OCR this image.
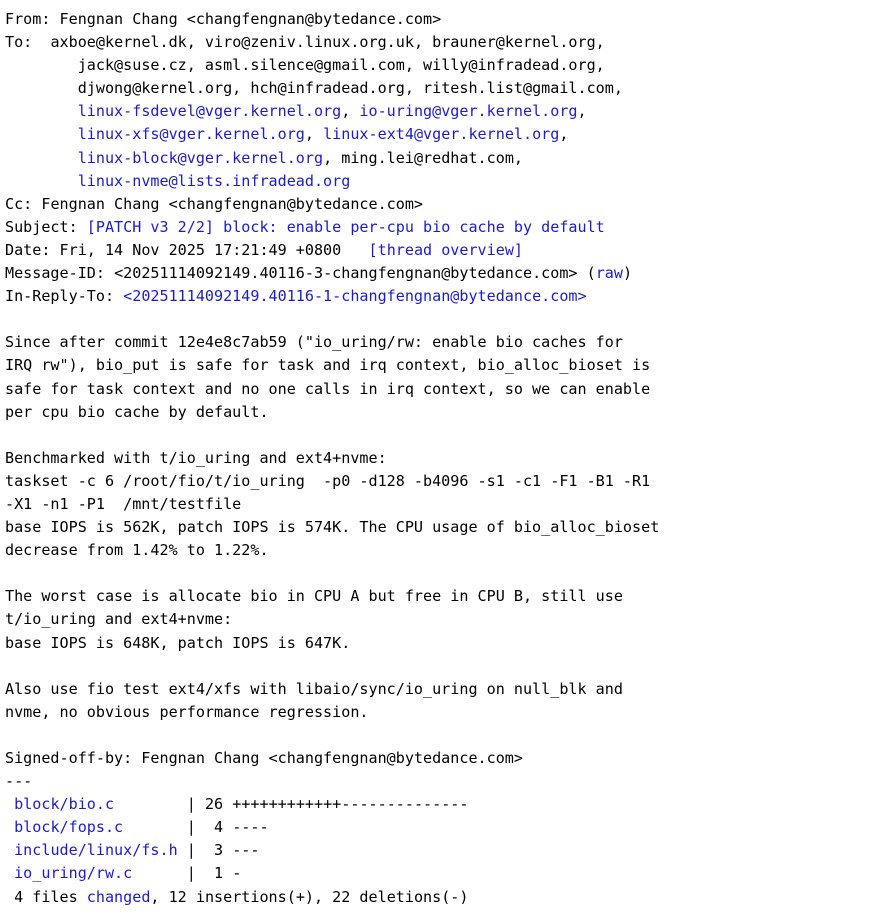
From: Fengnan Chang <changfengnan@bytedance.com>
To: axboe@kernel.dk, viro@zeniv.linux.org.uk, brauner@kernel.org,
jack@suse.cz, asml.silence@gmail.com, willy@infradead.org,
djwong@kernel.org, hch@infradead.org, ritesh.list@gmail.com,
linux-fsdevel@vger.kernel.org, io-uring@vger.kernel.org,
linux-xfs@vger.kernel.org, linux-ext4@vger.kernel.org,
linux-block@vger.kernel.org, ming.lei@redhat.com,
linux-nvme@lists.infradead.org
Cc: Fengnan Chang <changfengnan@bytedance.com>
Subject: [PATCH v3 2/2] block: enable per-cpu bio cache by default
Date: Fri, 14 Nov 2025 17:21:49 +0800 [thread overview]
Message-ID: <20251114092149.40116-3-changfengnan@bytedance.com> (raw)
In-Reply-To: <20251114092149.40116-1-changfengnan@bytedance.com>
Since after commit 12e4e8c7ab59 ("io_uring/rw: enable bio caches for
IRQ rw"), bio_put is safe for task and irq context, bio_alloc_bioset is
safe for task context and no one calls in irq context, so we can enable
per cpu bio cache by default.
Benchmarked with t/io_uring and ext4+nvme:
taskset -c 6 /root/fio/t/io_uring  -p0 -d128 -b4096 -s1 -c1 -F1 -B1 -R1
-X1 -n1 -P1  /mnt/testfile
base IOPS is 562K, patch IOPS is 574K. The CPU usage of bio_alloc_bioset
decrease from 1.42% to 1.22%.
The worst case is allocate bio in CPU A but free in CPU B, still use
t/io_uring and ext4+nvme:
base IOPS is 648K, patch IOPS is 647K.
Also use fio test ext4/xfs with libaio/sync/io_uring on null_blk and
nvme, no obvious performance regression.
Signed-off-by: Fengnan Chang <changfengnan@bytedance.com>
---
block/bio.c        | 26 ++++++++++++--------------
block/fops.c       |  4 ----
include/linux/fs.h |  3 ---
io_uring/rw.c      |  1 -
4 files changed, 12 insertions(+), 22 deletions(-)
